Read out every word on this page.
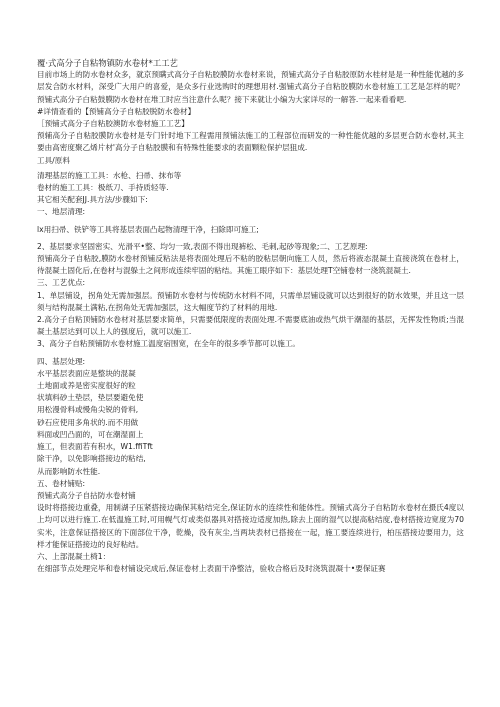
覆·式高分子自粘物镇防水卷材*工工艺
目前市场上的防水卷材众多，就京预瞒式高分子自粘胶膜防水卷材来说，预铺式高分子自粘胶原防水桂材是是一种性能优越的多层发合防水材料，深受广大用户的喜爱，是众多行业选购时的理想用材.强铺式高分子自粘胶膜防水卷材施工工艺是怎样的呢？预铺式高分子白粘鼓膜防水卷材在堆工时应当注意什么呢？接下来就让小编为大家详尽的一解答.一起来看看吧.
#详情查看的【预铺高分子自粘胶脱防水卷材】
［预铺式高分子自粘胶澳防水卷材施工工艺】
预辅高分子自粘胶膜防水卷材是专门针时地下工程需用预铺法施工的工程部位而研发的一种性能优越的多层更合防水卷材,其主要由高密度聚乙烯片材'高分子自粘胶膜和有特殊性能要求的表面颗粒保护层狙成.
工具/原料
清理基层的施工工具：水枪、扫帚、抹布等
卷材的施工工具：极纸刀、手持质轻等.
其它相关配套JJ.具方法/步骤如下:
一、地层清理:
lx用扫帚、铁铲等工具将基层表面凸起物清理干净，扫除即可施工;
2、基层要求坚固密实、光滑平•整、均匀一致,表面不得出现裤松、毛刺,起砂等现象;二、工艺原理:
预铺高分子自粘胶,膜防水卷材预铺反粘法是将表面处理后不粘的胶粘层朝向施工人员，然后将液态混凝土直接浇筑在卷材上，待混凝土固化后,在卷材与混躲土之间形成连续牢固的粘结。其施工眼序如下：基层处理T空铺卷材一浇筑混凝土.
三、工艺优点:
1、单层铺设，拐角处无需加强层。预铺防水卷材与传统防水材料不同，只需单层铺设就可以达到很好的防水效果，并且这一层须与结构混凝土满粘,在拐角处无需加强层，这大幅度节约了材料的用地.
2.高分子自粘顶铺防水卷材对基层要求简单，只需要低限度的表面处理.不需要底油或热气烘干潮湿的基层，无挥发性物质;当混凝土基层达到可以上人的强度后，就可以施工.
3、高分子自粘预铺防水卷材施工温度宿围宽，在全年的很多季节都可以施工。
四、基层处理:
水平基层表面应是整块的混凝
土地面或养是密实度很好的粒
状填料砂土垫层，垫层要避免使
用松漫骨料或慢角尖锐的骨料,
砂石应使用多角状的.而不用做
料面或凹凸面的，可在潮湿面上
施工，但表面若有积水，W1.ffiTft
除干净，以免影响搭接边的粘结,
从而影响防水性能.
五、卷材铺贴:
预铺式高分子自拈防水卷材铺
设时将搭接边重叠，用制湖子压紧搭接边确保其粘结完全,保证防水的连续性和能体性。预铺式高分子自粘防水卷材在摄氏4度以上均可以进行施工.在低温施工时,可用幌气灯或类似器具对搭接边适度加热,除去上面的湿气以提高粘结度,卷材搭接边宽度为70实米，注意保证搭接区的下面部位干净，乾燥，没有灰尘,当两块表材已搭接在一起，施工要连续进行，柏压搭接边要用力，这样才能保证搭接边的良好粘结。
六、上部混凝土椅1：
在细部节点处理完毕和卷材铺设完成后,保证卷材上表面干净整洁，验收合格后及时浇筑混凝十•要保证赛
